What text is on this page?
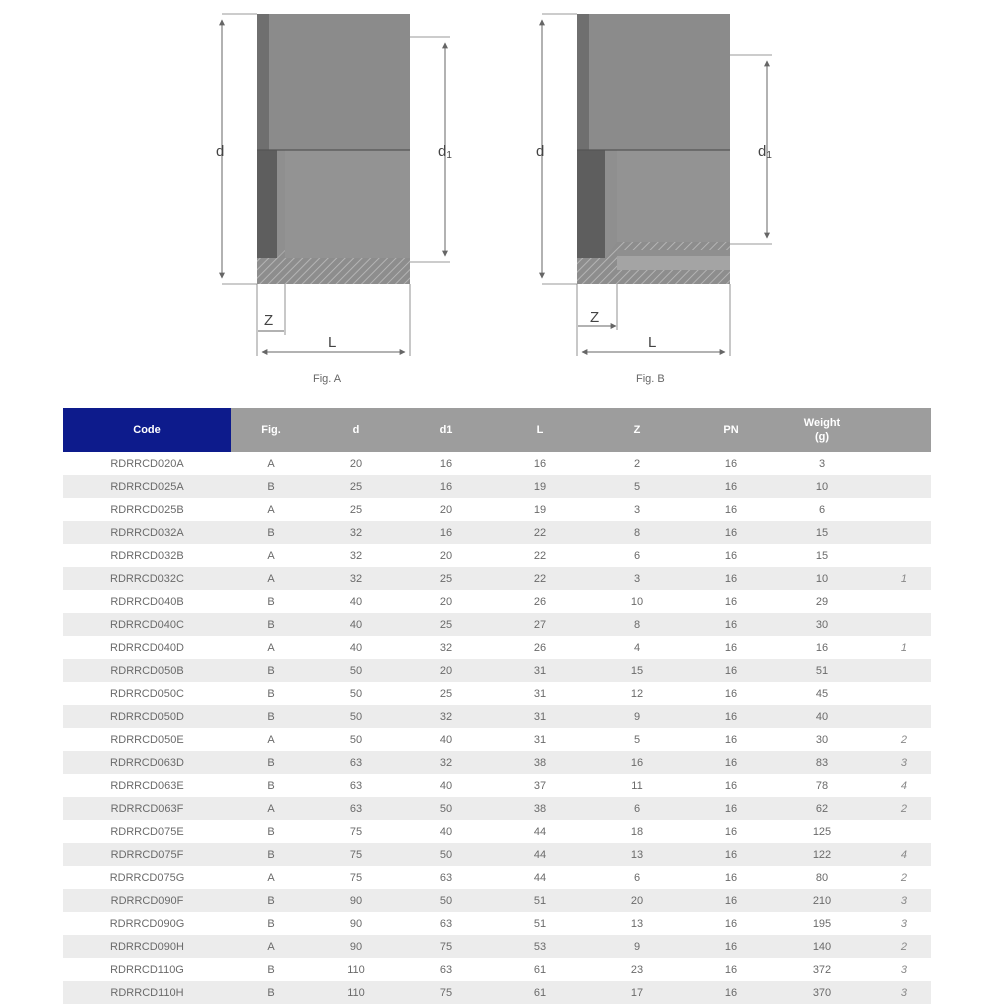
d	d1
Z
L
d	d1
Z
L
Fig. A	Fig. B
Code	Fig.	d	d1	L	Z	PN	Weight
(g)	
RDRRCD020A	A	20	16	16	2	16	3	
RDRRCD025A	B	25	16	19	5	16	10	
RDRRCD025B	A	25	20	19	3	16	6	
RDRRCD032A	B	32	16	22	8	16	15	
RDRRCD032B	A	32	20	22	6	16	15	
RDRRCD032C	A	32	25	22	3	16	10	1
RDRRCD040B	B	40	20	26	10	16	29	
RDRRCD040C	B	40	25	27	8	16	30	
RDRRCD040D	A	40	32	26	4	16	16	1
RDRRCD050B	B	50	20	31	15	16	51	
RDRRCD050C	B	50	25	31	12	16	45	
RDRRCD050D	B	50	32	31	9	16	40	
RDRRCD050E	A	50	40	31	5	16	30	2
RDRRCD063D	B	63	32	38	16	16	83	3
RDRRCD063E	B	63	40	37	11	16	78	4
RDRRCD063F	A	63	50	38	6	16	62	2
RDRRCD075E	B	75	40	44	18	16	125	
RDRRCD075F	B	75	50	44	13	16	122	4
RDRRCD075G	A	75	63	44	6	16	80	2
RDRRCD090F	B	90	50	51	20	16	210	3
RDRRCD090G	B	90	63	51	13	16	195	3
RDRRCD090H	A	90	75	53	9	16	140	2
RDRRCD110G	B	110	63	61	23	16	372	3
RDRRCD110H	B	110	75	61	17	16	370	3
